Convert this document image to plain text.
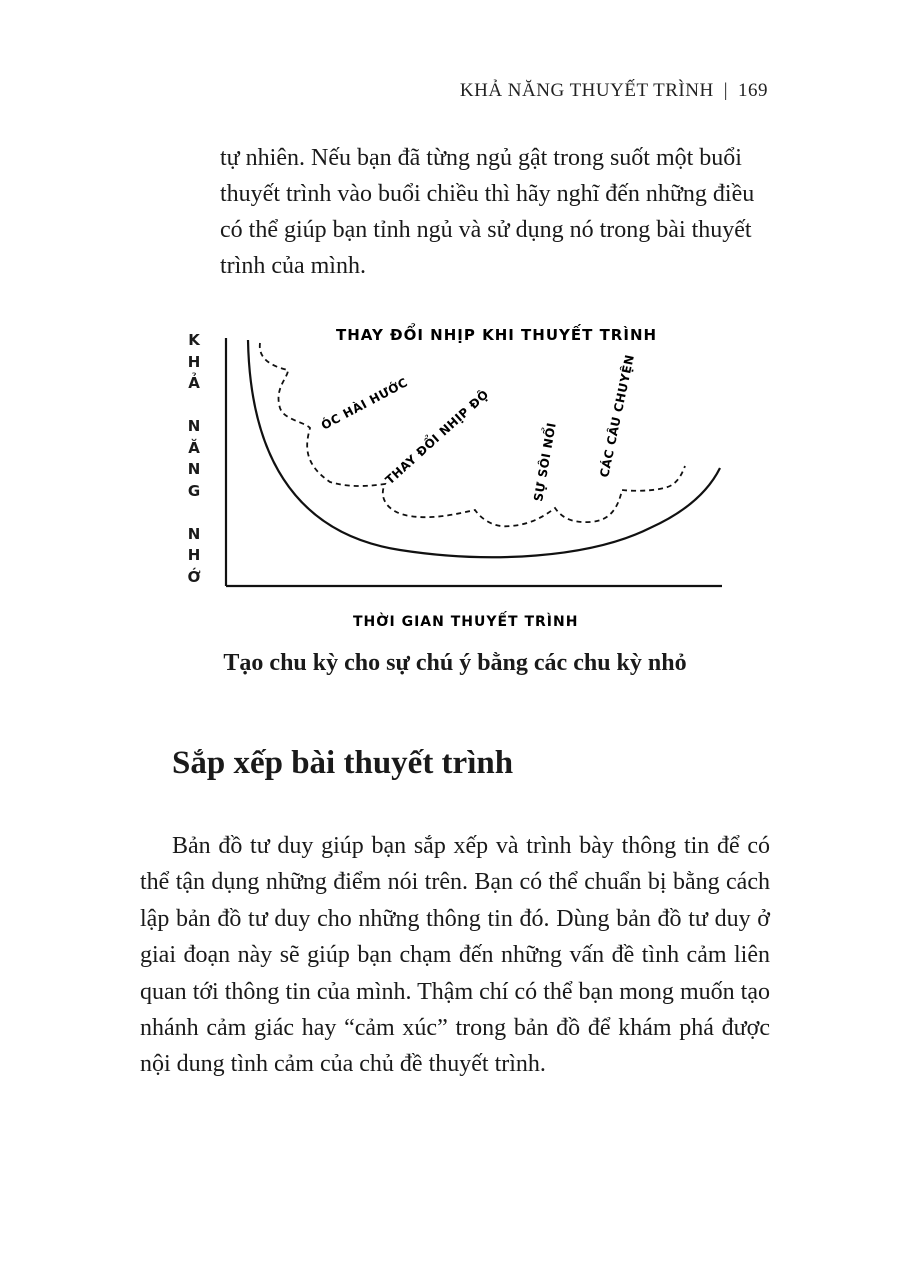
KHẢ NĂNG THUYẾT TRÌNH | 169

tự nhiên. Nếu bạn đã từng ngủ gật trong suốt một buổi thuyết trình vào buổi chiều thì hãy nghĩ đến những điều có thể giúp bạn tỉnh ngủ và sử dụng nó trong bài thuyết trình của mình.

K
H
Ả

N
Ă
N
G

N
H
Ớ
THAY ĐỔI NHỊP KHI THUYẾT TRÌNH
ÓC HÀI HƯỚC
THAY ĐỔI NHỊP ĐỘ	SỰ SÔI NỔI	CÁC CÂU CHUYỆN
THỜI GIAN THUYẾT TRÌNH

Tạo chu kỳ cho sự chú ý bằng các chu kỳ nhỏ

Sắp xếp bài thuyết trình

Bản đồ tư duy giúp bạn sắp xếp và trình bày thông tin để có thể tận dụng những điểm nói trên. Bạn có thể chuẩn bị bằng cách lập bản đồ tư duy cho những thông tin đó. Dùng bản đồ tư duy ở giai đoạn này sẽ giúp bạn chạm đến những vấn đề tình cảm liên quan tới thông tin của mình. Thậm chí có thể bạn mong muốn tạo nhánh cảm giác hay “cảm xúc” trong bản đồ để khám phá được nội dung tình cảm của chủ đề thuyết trình.
